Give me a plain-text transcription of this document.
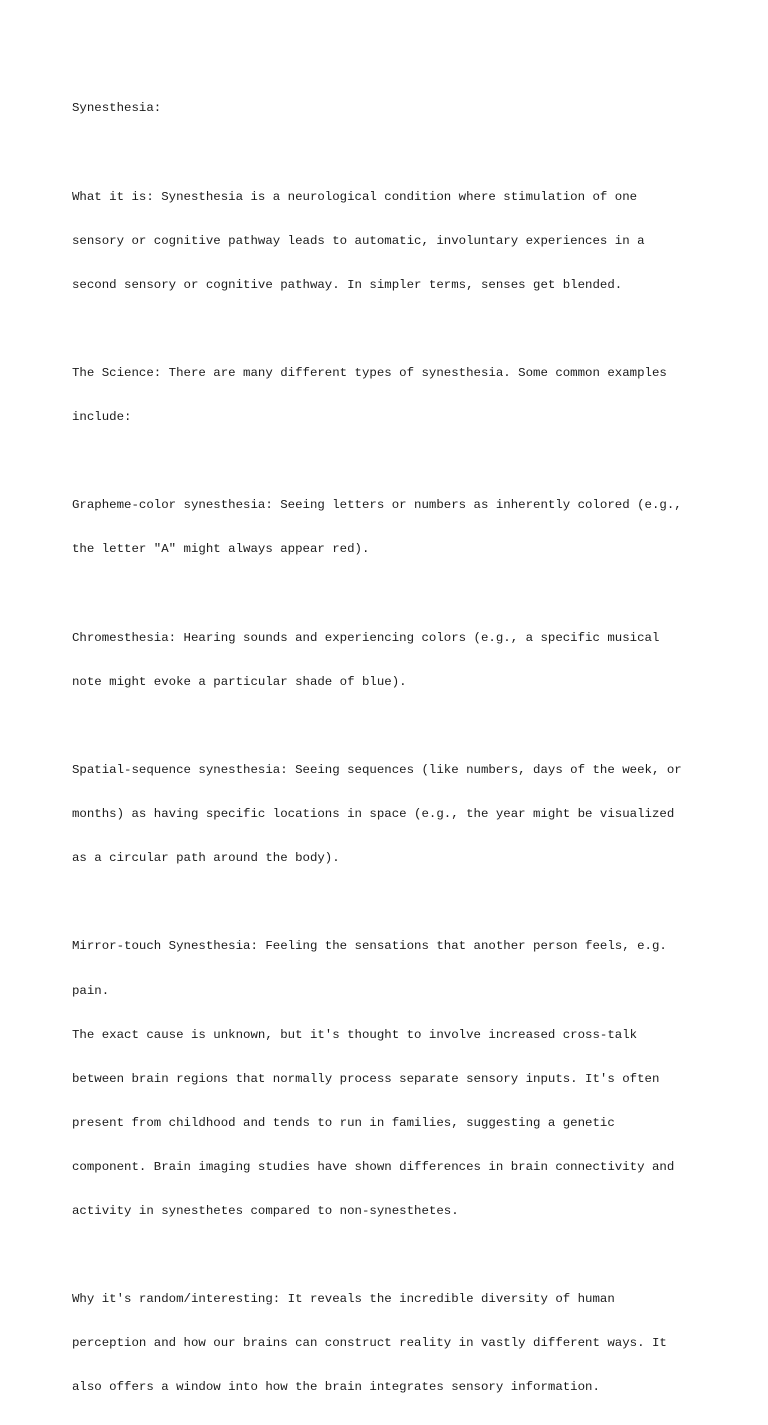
Synesthesia:

What it is: Synesthesia is a neurological condition where stimulation of one

sensory or cognitive pathway leads to automatic, involuntary experiences in a

second sensory or cognitive pathway. In simpler terms, senses get blended.

The Science: There are many different types of synesthesia. Some common examples

include:

Grapheme-color synesthesia: Seeing letters or numbers as inherently colored (e.g.,

the letter "A" might always appear red).

Chromesthesia: Hearing sounds and experiencing colors (e.g., a specific musical

note might evoke a particular shade of blue).

Spatial-sequence synesthesia: Seeing sequences (like numbers, days of the week, or

months) as having specific locations in space (e.g., the year might be visualized

as a circular path around the body).

Mirror-touch Synesthesia: Feeling the sensations that another person feels, e.g.

pain.

The exact cause is unknown, but it's thought to involve increased cross-talk

between brain regions that normally process separate sensory inputs. It's often

present from childhood and tends to run in families, suggesting a genetic

component. Brain imaging studies have shown differences in brain connectivity and

activity in synesthetes compared to non-synesthetes.

Why it's random/interesting: It reveals the incredible diversity of human

perception and how our brains can construct reality in vastly different ways. It

also offers a window into how the brain integrates sensory information.
